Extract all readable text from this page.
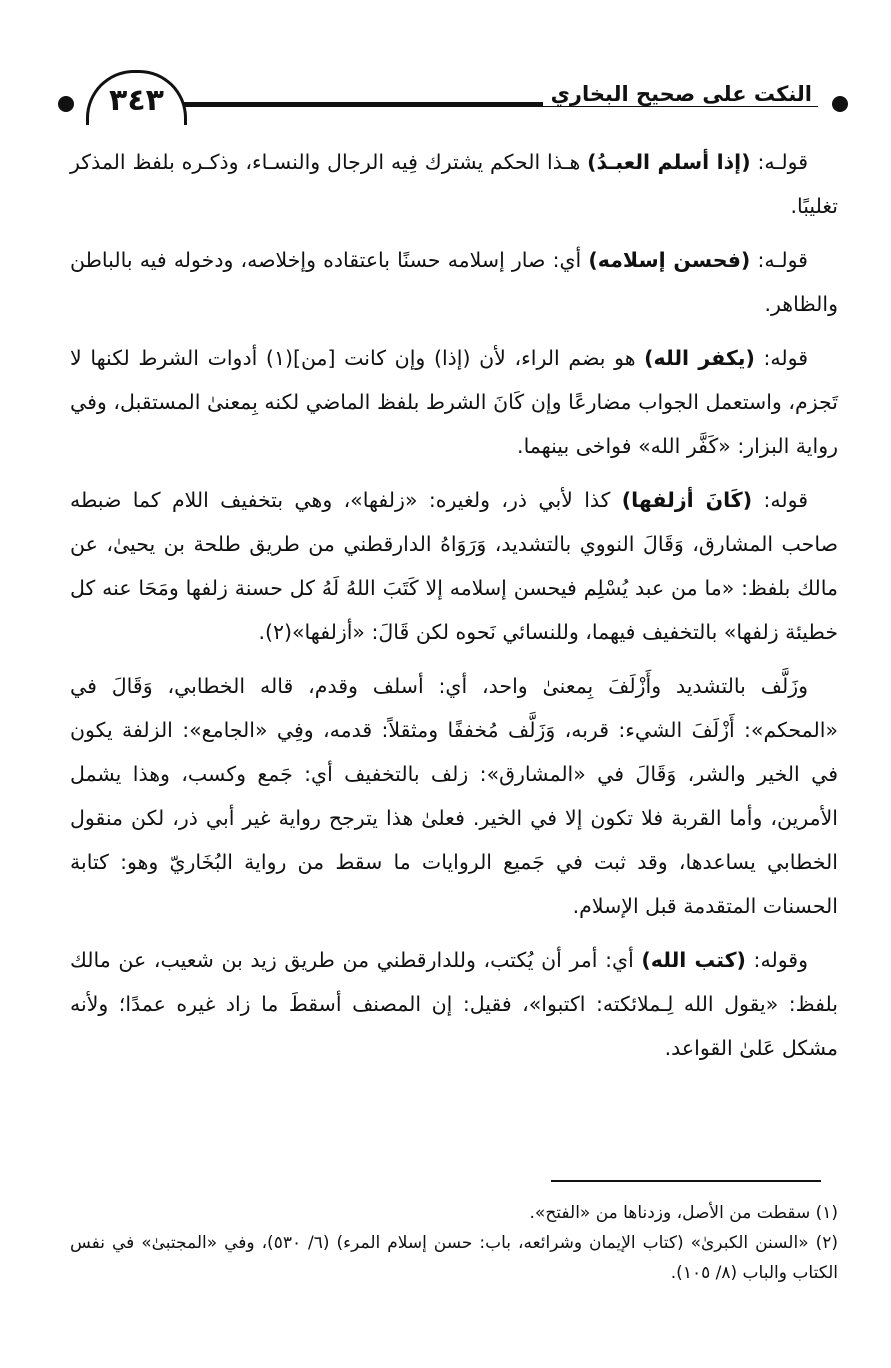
٣٤٣	النكت على صحيح البخاري

قولـه: (إذا أسلم العبـدُ) هـذا الحكم يشترك فِيه الرجال والنسـاء، وذكـره بلفظ المذكر تغليبًا.

قولـه: (فحسن إسلامه) أي: صار إسلامه حسنًا باعتقاده وإخلاصه، ودخوله فيه بالباطن والظاهر.

قوله: (يكفر الله) هو بضم الراء، لأن (إذا) وإن كانت [من](١) أدوات الشرط لكنها لا تَجزم، واستعمل الجواب مضارعًا وإن كَانَ الشرط بلفظ الماضي لكنه بِمعنىٰ المستقبل، وفي رواية البزار: «كَفَّر الله» فواخى بينهما.

قوله: (كَانَ أزلفها) كذا لأبي ذر، ولغيره: «زلفها»، وهي بتخفيف اللام كما ضبطه صاحب المشارق، وَقَالَ النووي بالتشديد، وَرَوَاهُ الدارقطني من طريق طلحة بن يحيىٰ، عن مالك بلفظ: «ما من عبد يُسْلِم فيحسن إسلامه إلا كَتَبَ اللهُ لَهُ كل حسنة زلفها ومَحَا عنه كل خطيئة زلفها» بالتخفيف فيهما، وللنسائي نَحوه لكن قَالَ: «أزلفها»(٢).

وزَلَّف بالتشديد وأَزْلَفَ بِمعنىٰ واحد، أي: أسلف وقدم، قاله الخطابي، وَقَالَ في «المحكم»: أَزْلَفَ الشيء: قربه، وَزَلَّف مُخففًا ومثقلاً: قدمه، وفِي «الجامع»: الزلفة يكون في الخير والشر، وَقَالَ في «المشارق»: زلف بالتخفيف أي: جَمع وكسب، وهذا يشمل الأمرين، وأما القربة فلا تكون إلا في الخير. فعلىٰ هذا يترجح رواية غير أبي ذر، لكن منقول الخطابي يساعدها، وقد ثبت في جَميع الروايات ما سقط من رواية البُخَاريّ وهو: كتابة الحسنات المتقدمة قبل الإسلام.

وقوله: (كتب الله) أي: أمر أن يُكتب، وللدارقطني من طريق زيد بن شعيب، عن مالك بلفظ: «يقول الله لِـملائكته: اكتبوا»، فقيل: إن المصنف أسقطَ ما زاد غيره عمدًا؛ ولأنه مشكل عَلىٰ القواعد.

(١) سقطت من الأصل، وزدناها من «الفتح».

(٢) «السنن الكبرىٰ» (كتاب الإيمان وشرائعه، باب: حسن إسلام المرء) (٦/ ٥٣٠)، وفي «المجتبىٰ» في نفس الكتاب والباب (٨/ ١٠٥).
